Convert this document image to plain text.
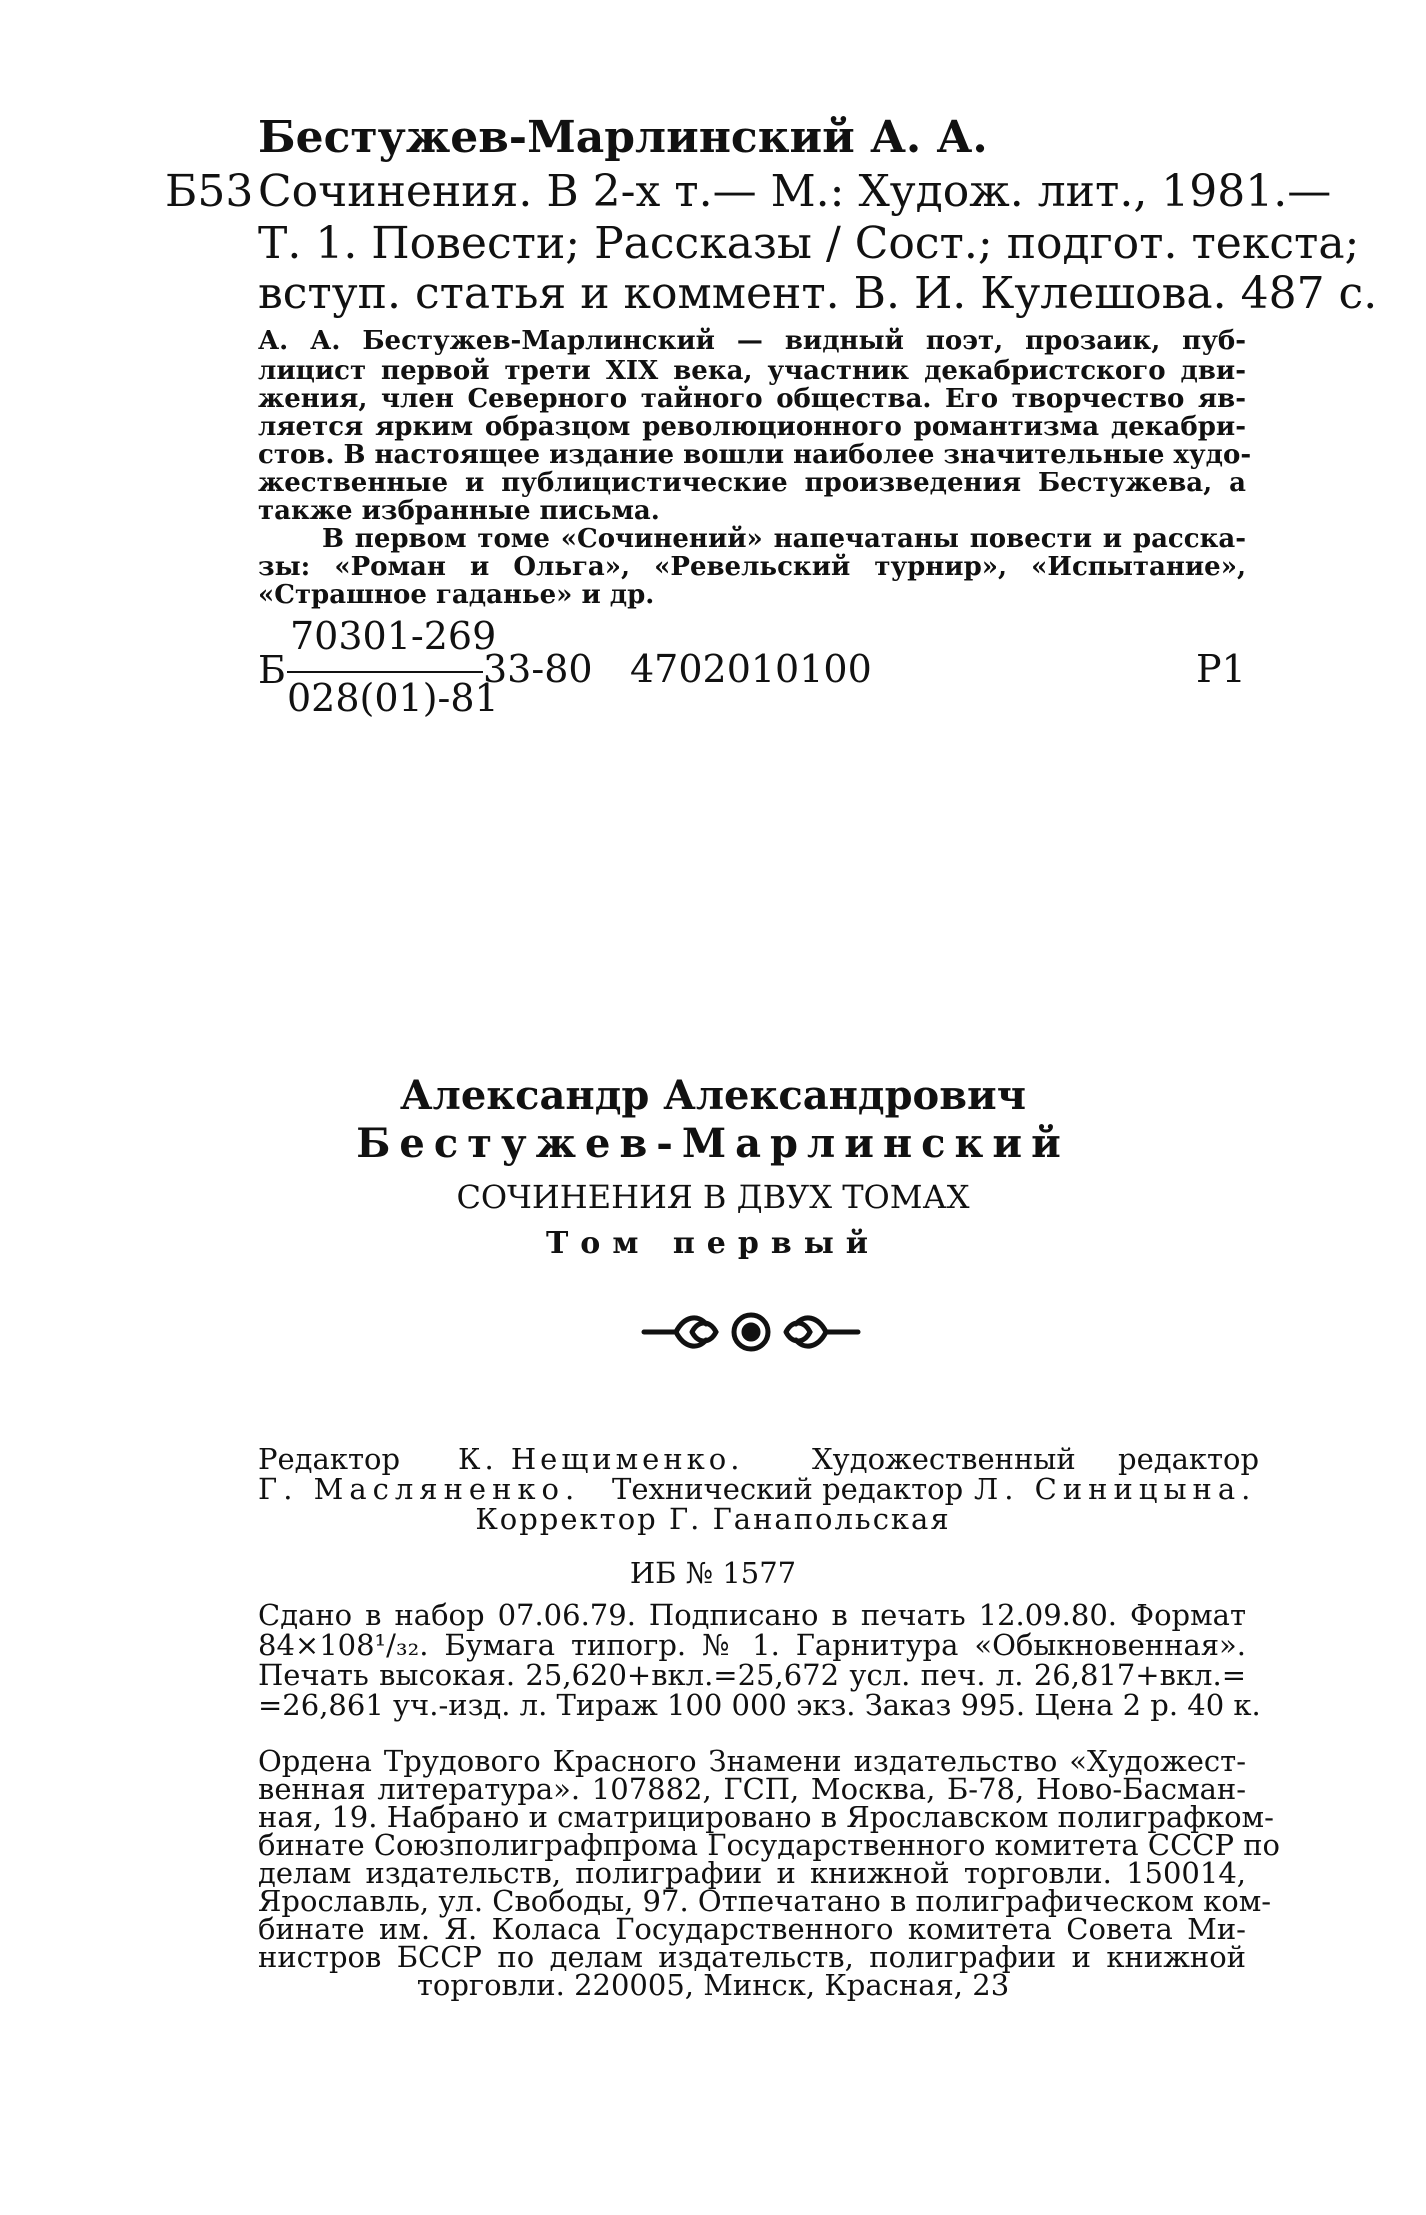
Бестужев-Марлинский А. А.
Б53 Сочинения. В 2-х т.— М.: Худож. лит., 1981.—
Т. 1. Повести; Рассказы / Сост.; подгот. текста;
вступ. статья и коммент. В. И. Кулешова. 487 с.
А. А. Бестужев-Марлинский — видный поэт, прозаик, пуб-
лицист первой трети XIX века, участник декабристского дви-
жения, член Северного тайного общества. Его творчество яв-
ляется ярким образцом революционного романтизма декабри-
стов. В настоящее издание вошли наиболее значительные худо-
жественные и публицистические произведения Бестужева, а
также избранные письма.
В первом томе «Сочинений» напечатаны повести и расска-
зы: «Роман и Ольга», «Ревельский турнир», «Испытание»,
«Страшное гаданье» и др.
Б
70301-269
028(01)-81
33-80 4702010100	Р1
Александр Александрович
Бестужев-Марлинский
СОЧИНЕНИЯ В ДВУХ ТОМАХ
Том первый
Редактор К. Нещименко. Художественный редактор
Г. Масляненко. Технический редактор Л. Синицына.
Корректор Г. Ганапольская
ИБ № 1577
Сдано в набор 07.06.79. Подписано в печать 12.09.80. Формат
84×108¹/₃₂. Бумага типогр. № 1. Гарнитура «Обыкновенная».
Печать высокая. 25,620+вкл.=25,672 усл. печ. л. 26,817+вкл.=
=26,861 уч.-изд. л. Тираж 100 000 экз. Заказ 995. Цена 2 р. 40 к.
Ордена Трудового Красного Знамени издательство «Художест-
венная литература». 107882, ГСП, Москва, Б-78, Ново-Басман-
ная, 19. Набрано и сматрицировано в Ярославском полиграфком-
бинате Союзполиграфпрома Государственного комитета СССР по
делам издательств, полиграфии и книжной торговли. 150014,
Ярославль, ул. Свободы, 97. Отпечатано в полиграфическом ком-
бинате им. Я. Коласа Государственного комитета Совета Ми-
нистров БССР по делам издательств, полиграфии и книжной
торговли. 220005, Минск, Красная, 23
